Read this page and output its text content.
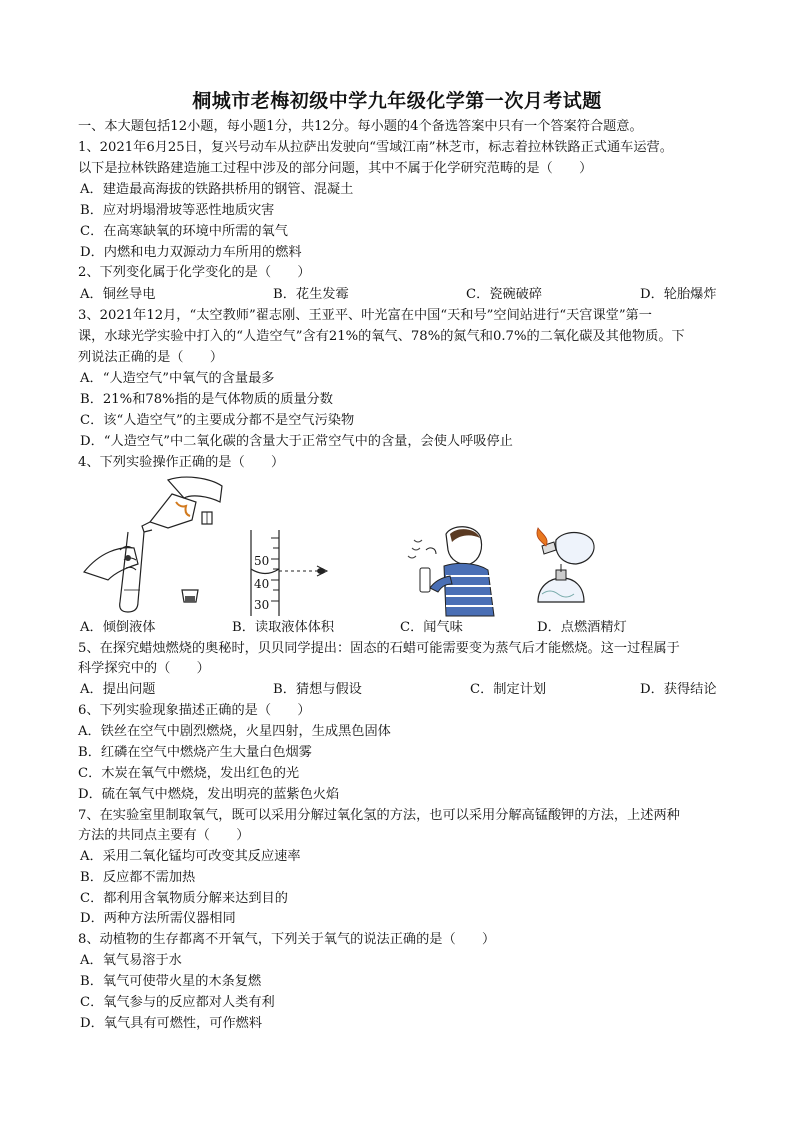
桐城市老梅初级中学九年级化学第一次月考试题
一、本大题包括12小题，每小题1分，共12分。每小题的4个备选答案中只有一个答案符合题意。
1、2021年6月25日，复兴号动车从拉萨出发驶向“雪域江南”林芝市，标志着拉林铁路正式通车运营。
以下是拉林铁路建造施工过程中涉及的部分问题，其中不属于化学研究范畴的是（　　）
A．建造最高海拔的铁路拱桥用的钢管、混凝土
B．应对坍塌滑坡等恶性地质灾害
C．在高寒缺氧的环境中所需的氧气
D．内燃和电力双源动力车所用的燃料
2、下列变化属于化学变化的是（　　）
A．铜丝导电	B．花生发霉	C．瓷碗破碎	D．轮胎爆炸
3、2021年12月，“太空教师”翟志刚、王亚平、叶光富在中国“天和号”空间站进行“天宫课堂”第一
课，水球光学实验中打入的“人造空气”含有21%的氧气、78%的氮气和0.7%的二氧化碳及其他物质。下
列说法正确的是（　　）
A．“人造空气”中氧气的含量最多
B．21%和78%指的是气体物质的质量分数
C．该“人造空气”的主要成分都不是空气污染物
D．“人造空气”中二氧化碳的含量大于正常空气中的含量，会使人呼吸停止
4、下列实验操作正确的是（　　）
50
40
30
A．倾倒液体	B．读取液体体积	C．闻气味	D．点燃酒精灯
5、在探究蜡烛燃烧的奥秘时，贝贝同学提出：固态的石蜡可能需要变为蒸气后才能燃烧。这一过程属于
科学探究中的（　　）
A．提出问题	B．猜想与假设	C．制定计划	D．获得结论
6、下列实验现象描述正确的是（　　）
A．铁丝在空气中剧烈燃烧，火星四射，生成黑色固体
B．红磷在空气中燃烧产生大量白色烟雾
C．木炭在氧气中燃烧，发出红色的光
D．硫在氧气中燃烧，发出明亮的蓝紫色火焰
7、在实验室里制取氧气，既可以采用分解过氧化氢的方法，也可以采用分解高锰酸钾的方法，上述两种
方法的共同点主要有（　　）
A．采用二氧化锰均可改变其反应速率
B．反应都不需加热
C．都利用含氧物质分解来达到目的
D．两种方法所需仪器相同
8、动植物的生存都离不开氧气，下列关于氧气的说法正确的是（　　）
A．氧气易溶于水
B．氧气可使带火星的木条复燃
C．氧气参与的反应都对人类有利
D．氧气具有可燃性，可作燃料
